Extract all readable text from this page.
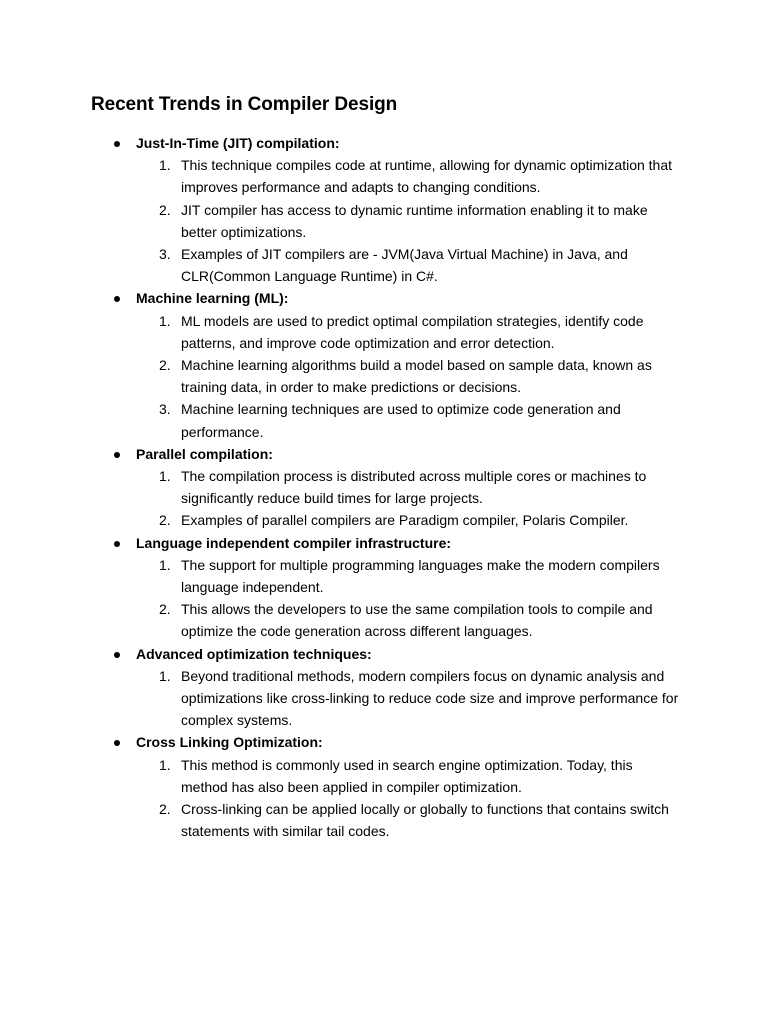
Recent Trends in Compiler Design
Just-In-Time (JIT) compilation:
1 .	This technique compiles code at runtime, allowing for dynamic optimization that improves performance and adapts to changing conditions.
2 .	JIT compiler has access to dynamic runtime information enabling it to make better optimizations.
3 .	Examples of JIT compilers are - JVM(Java Virtual Machine) in Java, and CLR(Common Language Runtime) in C#.
Machine learning (ML):
1 .	ML models are used to predict optimal compilation strategies, identify code patterns, and improve code optimization and error detection.
2 .	Machine learning algorithms build a model based on sample data, known as training data, in order to make predictions or decisions.
3 .	Machine learning techniques are used to optimize code generation and performance.
Parallel compilation:
1 .	The compilation process is distributed across multiple cores or machines to significantly reduce build times for large projects.
2 .	Examples of parallel compilers are Paradigm compiler, Polaris Compiler.
Language independent compiler infrastructure:
1 .	The support for multiple programming languages make the modern compilers language independent.
2 .	This allows the developers to use the same compilation tools to compile and optimize the code generation across different languages.
Advanced optimization techniques:
1 .	Beyond traditional methods, modern compilers focus on dynamic analysis and optimizations like cross-linking to reduce code size and improve performance for complex systems.
Cross Linking Optimization:
1 .	This method is commonly used in search engine optimization. Today, this method has also been applied in compiler optimization.
2 .	Cross-linking can be applied locally or globally to functions that contains switch statements with similar tail codes.
